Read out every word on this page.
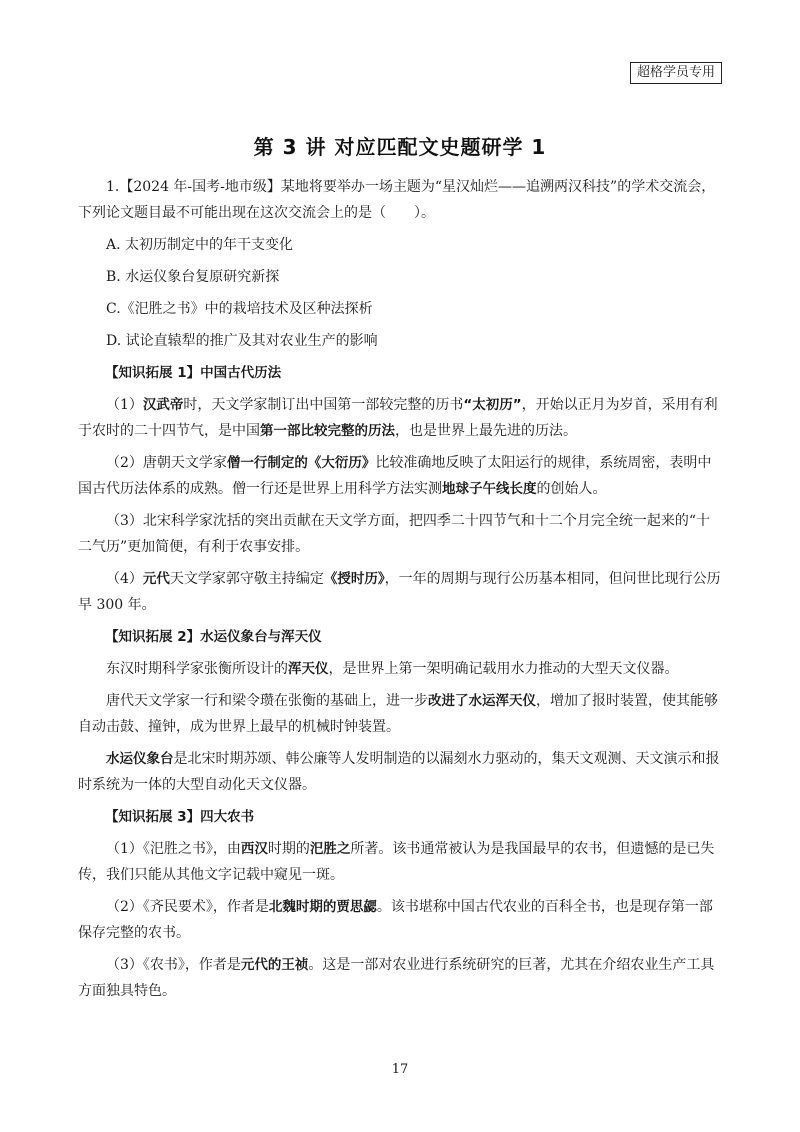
超格学员专用
第 3 讲 对应匹配文史题研学 1

1.【2024 年-国考-地市级】某地将要举办一场主题为“星汉灿烂——追溯两汉科技”的学术交流会，下列论文题目最不可能出现在这次交流会上的是（　　）。

A. 太初历制定中的年干支变化

B. 水运仪象台复原研究新探

C.《汜胜之书》中的栽培技术及区种法探析

D. 试论直辕犁的推广及其对农业生产的影响

【知识拓展 1】中国古代历法

（1）汉武帝时，天文学家制订出中国第一部较完整的历书“太初历”，开始以正月为岁首，采用有利于农时的二十四节气，是中国第一部比较完整的历法，也是世界上最先进的历法。

（2）唐朝天文学家僧一行制定的《大衍历》比较准确地反映了太阳运行的规律，系统周密，表明中国古代历法体系的成熟。僧一行还是世界上用科学方法实测地球子午线长度的创始人。

（3）北宋科学家沈括的突出贡献在天文学方面，把四季二十四节气和十二个月完全统一起来的“十二气历”更加简便，有利于农事安排。

（4）元代天文学家郭守敬主持编定《授时历》，一年的周期与现行公历基本相同，但问世比现行公历早 300 年。

【知识拓展 2】水运仪象台与浑天仪

东汉时期科学家张衡所设计的浑天仪，是世界上第一架明确记载用水力推动的大型天文仪器。

唐代天文学家一行和梁令瓒在张衡的基础上，进一步改进了水运浑天仪，增加了报时装置，使其能够自动击鼓、撞钟，成为世界上最早的机械时钟装置。

水运仪象台是北宋时期苏颂、韩公廉等人发明制造的以漏刻水力驱动的，集天文观测、天文演示和报时系统为一体的大型自动化天文仪器。

【知识拓展 3】四大农书

（1）《汜胜之书》，由西汉时期的汜胜之所著。该书通常被认为是我国最早的农书，但遗憾的是已失传，我们只能从其他文字记载中窥见一斑。

（2）《齐民要术》，作者是北魏时期的贾思勰。该书堪称中国古代农业的百科全书，也是现存第一部保存完整的农书。

（3）《农书》，作者是元代的王祯。这是一部对农业进行系统研究的巨著，尤其在介绍农业生产工具方面独具特色。

17
